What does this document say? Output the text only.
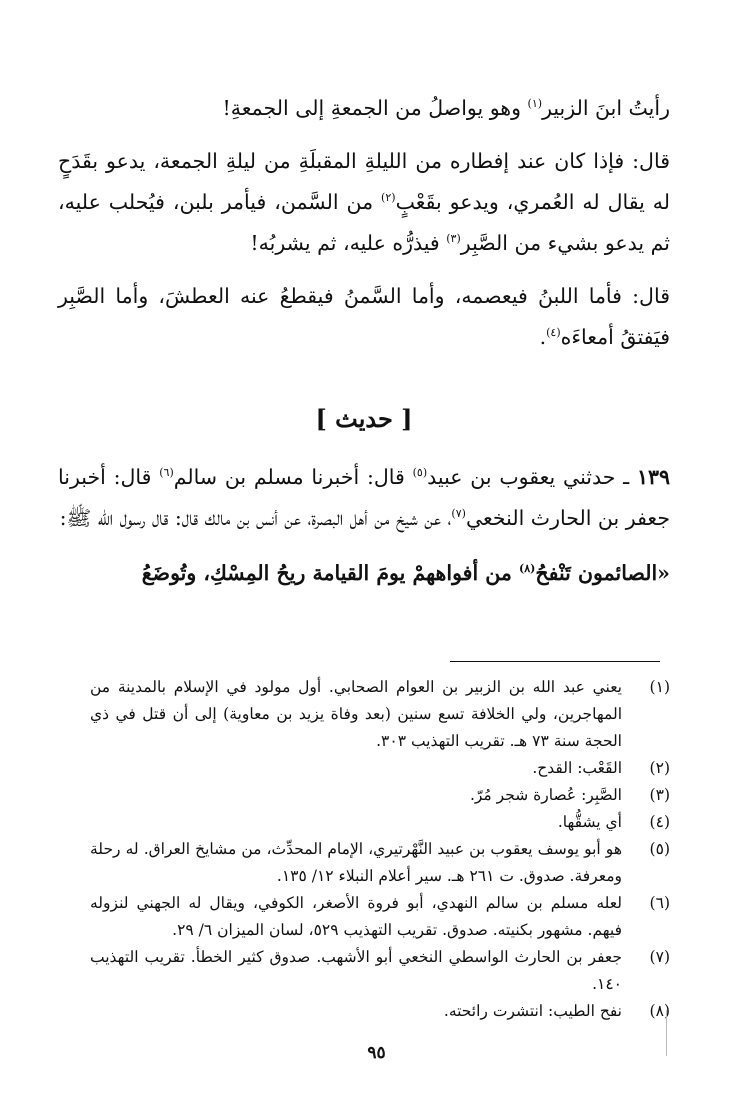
رأيتُ ابنَ الزبير$^{(١)}$ وهو يواصلُ من الجمعةِ إلى الجمعةِ!

قال: فإذا كان عند إفطاره من الليلةِ المقبلَةِ من ليلةِ الجمعة، يدعو بقَدَحٍ له يقال له العُمري، ويدعو بقَعْبٍ$^{(٢)}$ من السَّمن، فيأمر بلبن، فيُحلب عليه، ثم يدعو بشيء من الصَّبِر$^{(٣)}$ فيذرُّه عليه، ثم يشربُه!

قال: فأما اللبنُ فيعصمه، وأما السَّمنُ فيقطعُ عنه العطشَ، وأما الصَّبِر فيَفتقُ أمعاءَه$^{(٤)}$.

[ حديث ]

١٣٩ ـ حدثني يعقوب بن عبيد$^{(٥)}$ قال: أخبرنا مسلم بن سالم$^{(٦)}$ قال: أخبرنا جعفر بن الحارث النخعي$^{(٧)}$، عن شيخ من أهل البصرة، عن أنس بن مالك قال: قال رسول الله ﷺ:

«الصائمون تَنْفحُ$^{(٨)}$ من أفواههمْ يومَ القيامة ريحُ المِسْكِ، وتُوضَعُ

(١)
يعني عبد الله بن الزبير بن العوام الصحابي. أول مولود في الإسلام بالمدينة من المهاجرين، ولي الخلافة تسع سنين (بعد وفاة يزيد بن معاوية) إلى أن قتل في ذي الحجة سنة ٧٣ هـ. تقريب التهذيب ٣٠٣.
(٢)
القَعْب: القدح.
(٣)
الصَّبِر: عُصارة شجر مُرّ.
(٤)
أي يشقُّها.
(٥)
هو أبو يوسف يعقوب بن عبيد النَّهْرتيري، الإمام المحدِّث، من مشايخ العراق. له رحلة ومعرفة. صدوق. ت ٢٦١ هـ. سير أعلام النبلاء ١٢/ ١٣٥.
(٦)
لعله مسلم بن سالم النهدي، أبو فروة الأصغر، الكوفي، ويقال له الجهني لنزوله فيهم. مشهور بكنيته. صدوق. تقريب التهذيب ٥٢٩، لسان الميزان ٦/ ٢٩.
(٧)
جعفر بن الحارث الواسطي النخعي أبو الأشهب. صدوق كثير الخطأ. تقريب التهذيب ١٤٠.
(٨)
نفح الطيب: انتشرت رائحته.
٩٥
